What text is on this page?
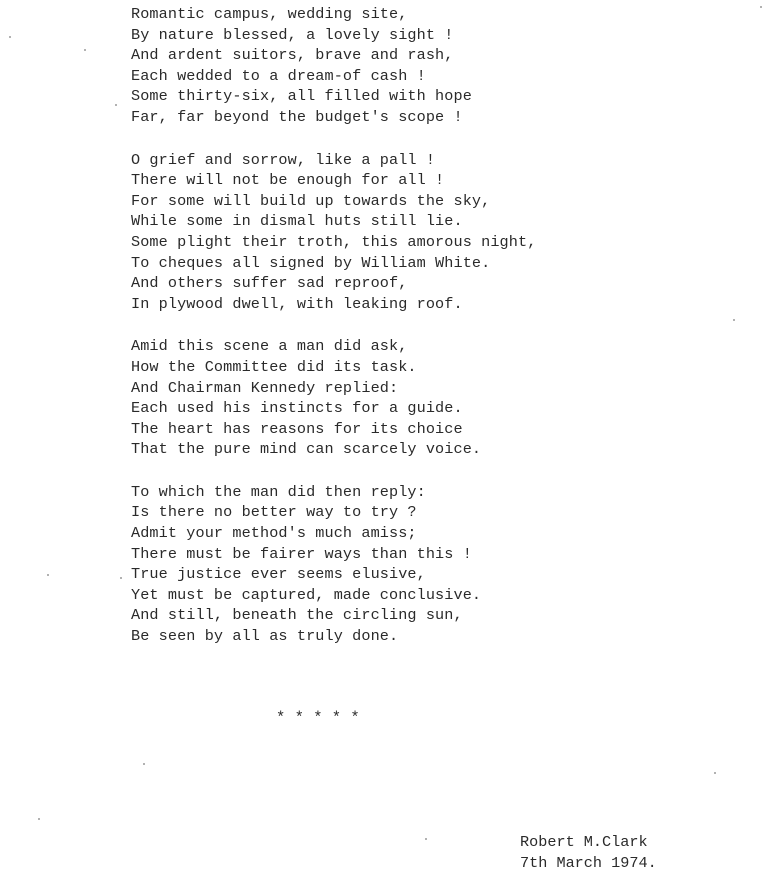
Romantic campus, wedding site,
By nature blessed, a lovely sight !
And ardent suitors, brave and rash,
Each wedded to a dream-of cash !
Some thirty-six, all filled with hope
Far, far beyond the budget's scope !
O grief and sorrow, like a pall !
There will not be enough for all !
For some will build up towards the sky,
While some in dismal huts still lie.
Some plight their troth, this amorous night,
To cheques all signed by William White.
And others suffer sad reproof,
In plywood dwell, with leaking roof.
Amid this scene a man did ask,
How the Committee did its task.
And Chairman Kennedy replied:
Each used his instincts for a guide.
The heart has reasons for its choice
That the pure mind can scarcely voice.
To which the man did then reply:
Is there no better way to try ?
Admit your method's much amiss;
There must be fairer ways than this !
True justice ever seems elusive,
Yet must be captured, made conclusive.
And still, beneath the circling sun,
Be seen by all as truly done.
* * * * *
Robert M.Clark
7th March 1974.
